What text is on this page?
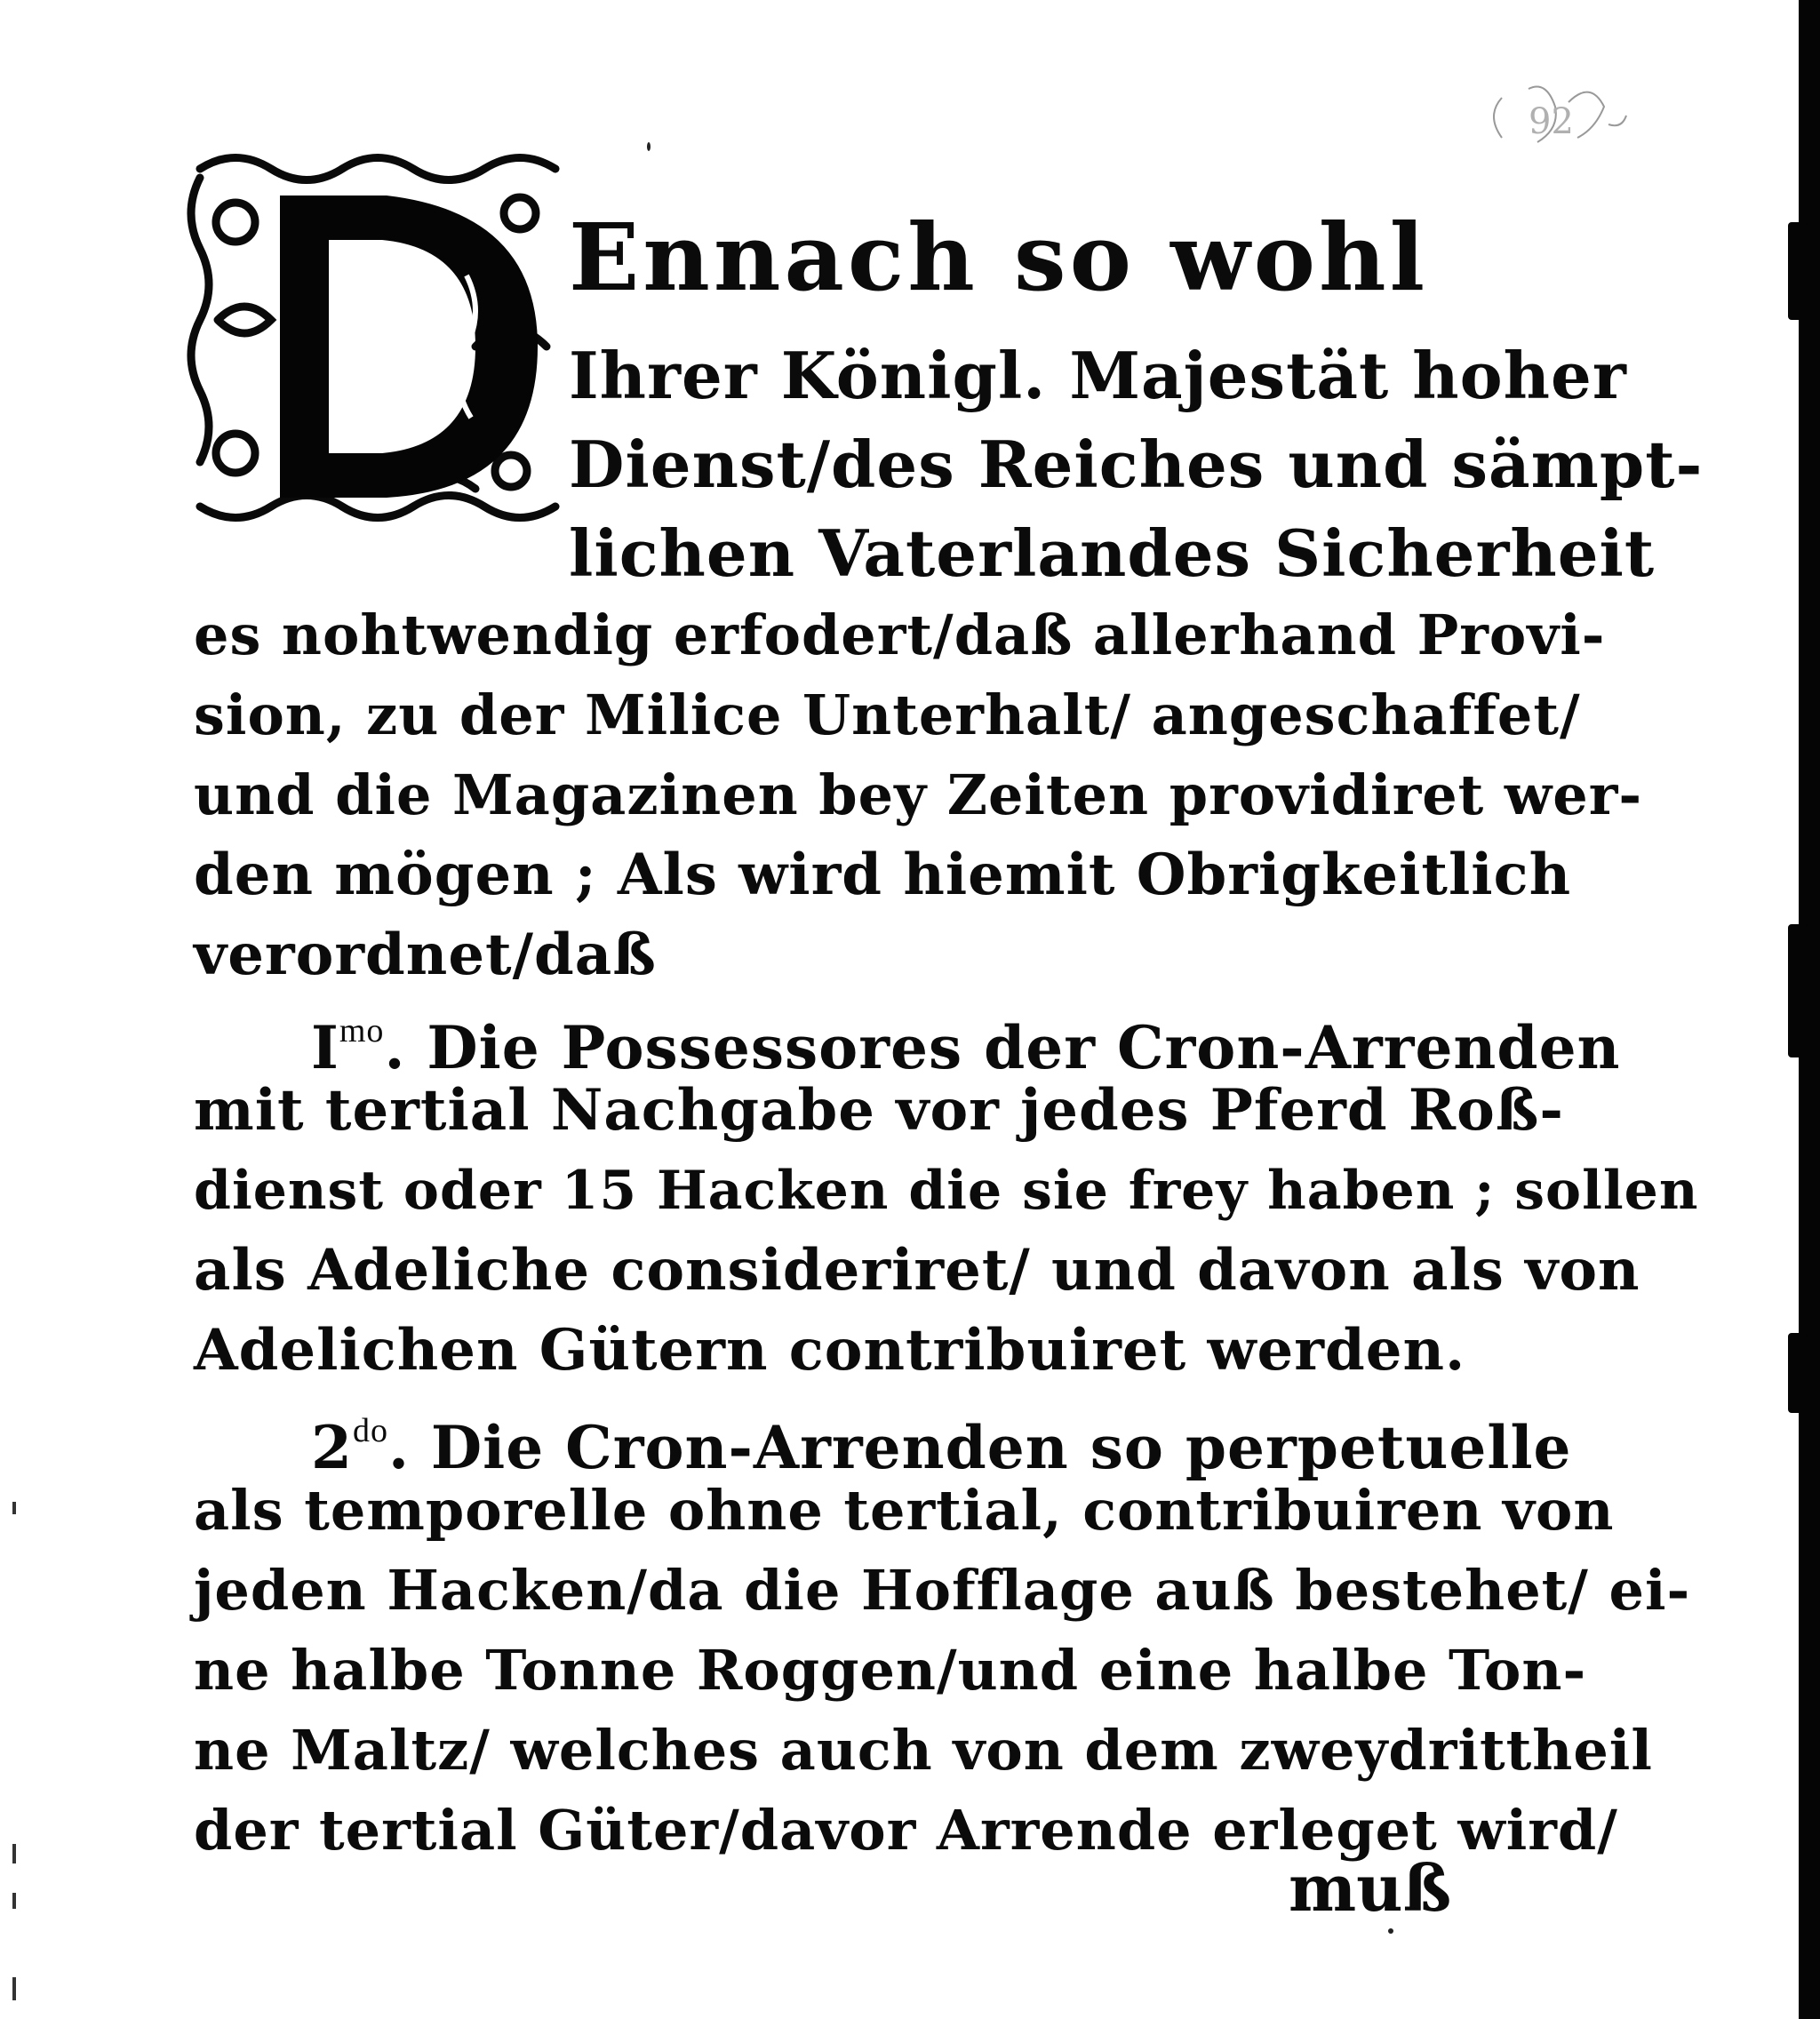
92
Ennach so wohl
Ihrer Königl. Majestät hoher
Dienst/des Reiches und sämpt-
lichen Vaterlandes Sicherheit
es nohtwendig erfodert/daß allerhand Provi-
sion, zu der Milice Unterhalt/ angeschaffet/
und die Magazinen bey Zeiten providiret wer-
den mögen ; Als wird hiemit Obrigkeitlich
verordnet/daß
$I^{mo}$. Die Possessores der Cron-Arrenden
mit tertial Nachgabe vor jedes Pferd Roß-
dienst oder 15 Hacken die sie frey haben ; sollen
als Adeliche consideriret/ und davon als von
Adelichen Gütern contribuiret werden.
$2^{do}$. Die Cron-Arrenden so perpetuelle
als temporelle ohne tertial, contribuiren von
jeden Hacken/da die Hofflage auß bestehet/ ei-
ne halbe Tonne Roggen/und eine halbe Ton-
ne Maltz/ welches auch von dem zweydrittheil
der tertial Güter/davor Arrende erleget wird/
muß
